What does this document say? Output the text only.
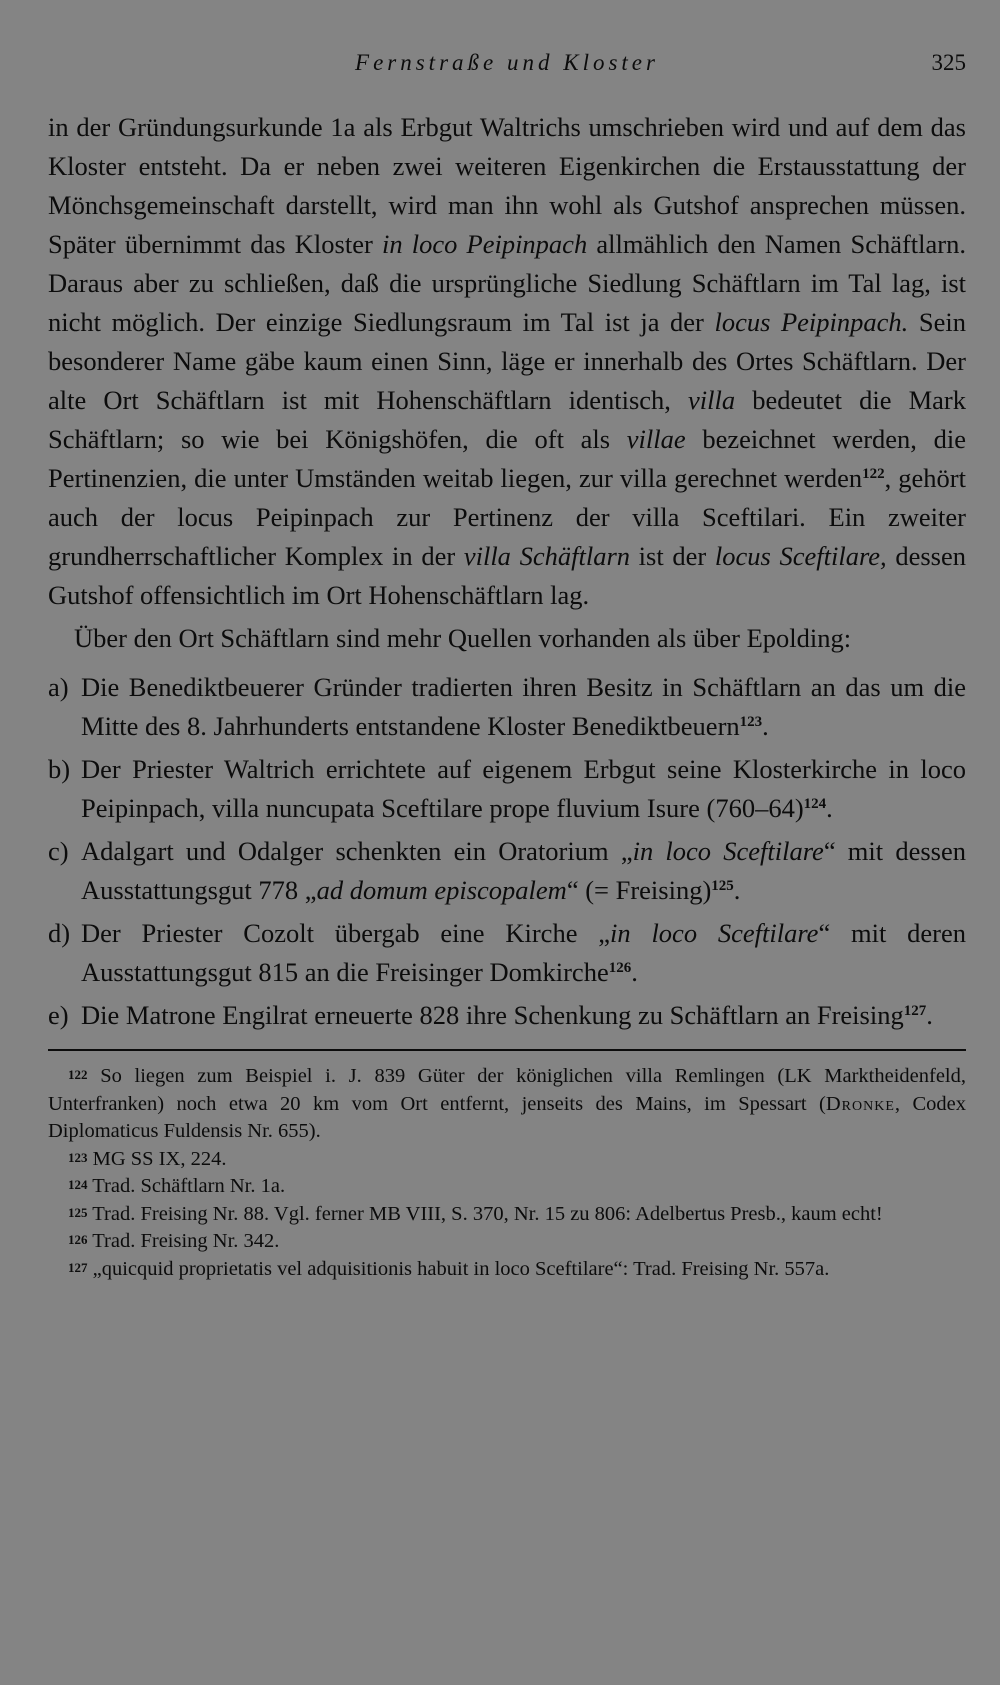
Fernstraße und Kloster	325

in der Gründungsurkunde 1a als Erbgut Waltrichs umschrieben wird und auf dem das Kloster entsteht. Da er neben zwei weiteren Eigenkirchen die Erstausstattung der Mönchsgemeinschaft darstellt, wird man ihn wohl als Gutshof ansprechen müssen. Später übernimmt das Kloster in loco Peipinpach allmählich den Namen Schäftlarn. Daraus aber zu schließen, daß die ursprüngliche Siedlung Schäftlarn im Tal lag, ist nicht möglich. Der einzige Siedlungsraum im Tal ist ja der locus Peipinpach. Sein besonderer Name gäbe kaum einen Sinn, läge er innerhalb des Ortes Schäftlarn. Der alte Ort Schäftlarn ist mit Hohenschäftlarn identisch, villa bedeutet die Mark Schäftlarn; so wie bei Königshöfen, die oft als villae bezeichnet werden, die Pertinenzien, die unter Umständen weitab liegen, zur villa gerechnet werden$^{122}$, gehört auch der locus Peipinpach zur Pertinenz der villa Sceftilari. Ein zweiter grundherrschaftlicher Komplex in der villa Schäftlarn ist der locus Sceftilare, dessen Gutshof offensichtlich im Ort Hohenschäftlarn lag.

Über den Ort Schäftlarn sind mehr Quellen vorhanden als über Epolding:

a) Die Benediktbeuerer Gründer tradierten ihren Besitz in Schäftlarn an das um die Mitte des 8. Jahrhunderts entstandene Kloster Benediktbeuern$^{123}$.
b) Der Priester Waltrich errichtete auf eigenem Erbgut seine Klosterkirche in loco Peipinpach, villa nuncupata Sceftilare prope fluvium Isure $(760-64)^{124}$.
c) Adalgart und Odalger schenkten ein Oratorium „in loco Sceftilare“ mit dessen Ausstattungsgut 778 „ad domum episcopalem“ (= Freising)$^{125}$.
d) Der Priester Cozolt übergab eine Kirche „in loco Sceftilare“ mit deren Ausstattungsgut 815 an die Freisinger Domkirche$^{126}$.
e) Die Matrone Engilrat erneuerte 828 ihre Schenkung zu Schäftlarn an Freising$^{127}$.

$^{122}$ So liegen zum Beispiel i. J. 839 Güter der königlichen villa Remlingen (LK Marktheidenfeld, Unterfranken) noch etwa 20 km vom Ort entfernt, jenseits des Mains, im Spessart (Dronke, Codex Diplomaticus Fuldensis Nr. 655).

$^{123}$ MG SS IX, 224.

$^{124}$ Trad. Schäftlarn Nr. 1a.

$^{125}$ Trad. Freising Nr. 88. Vgl. ferner MB VIII, S. 370, Nr. 15 zu 806: Adelbertus Presb., kaum echt!

$^{126}$ Trad. Freising Nr. 342.

$^{127}$ „quicquid proprietatis vel adquisitionis habuit in loco Sceftilare“: Trad. Freising Nr. 557a.
